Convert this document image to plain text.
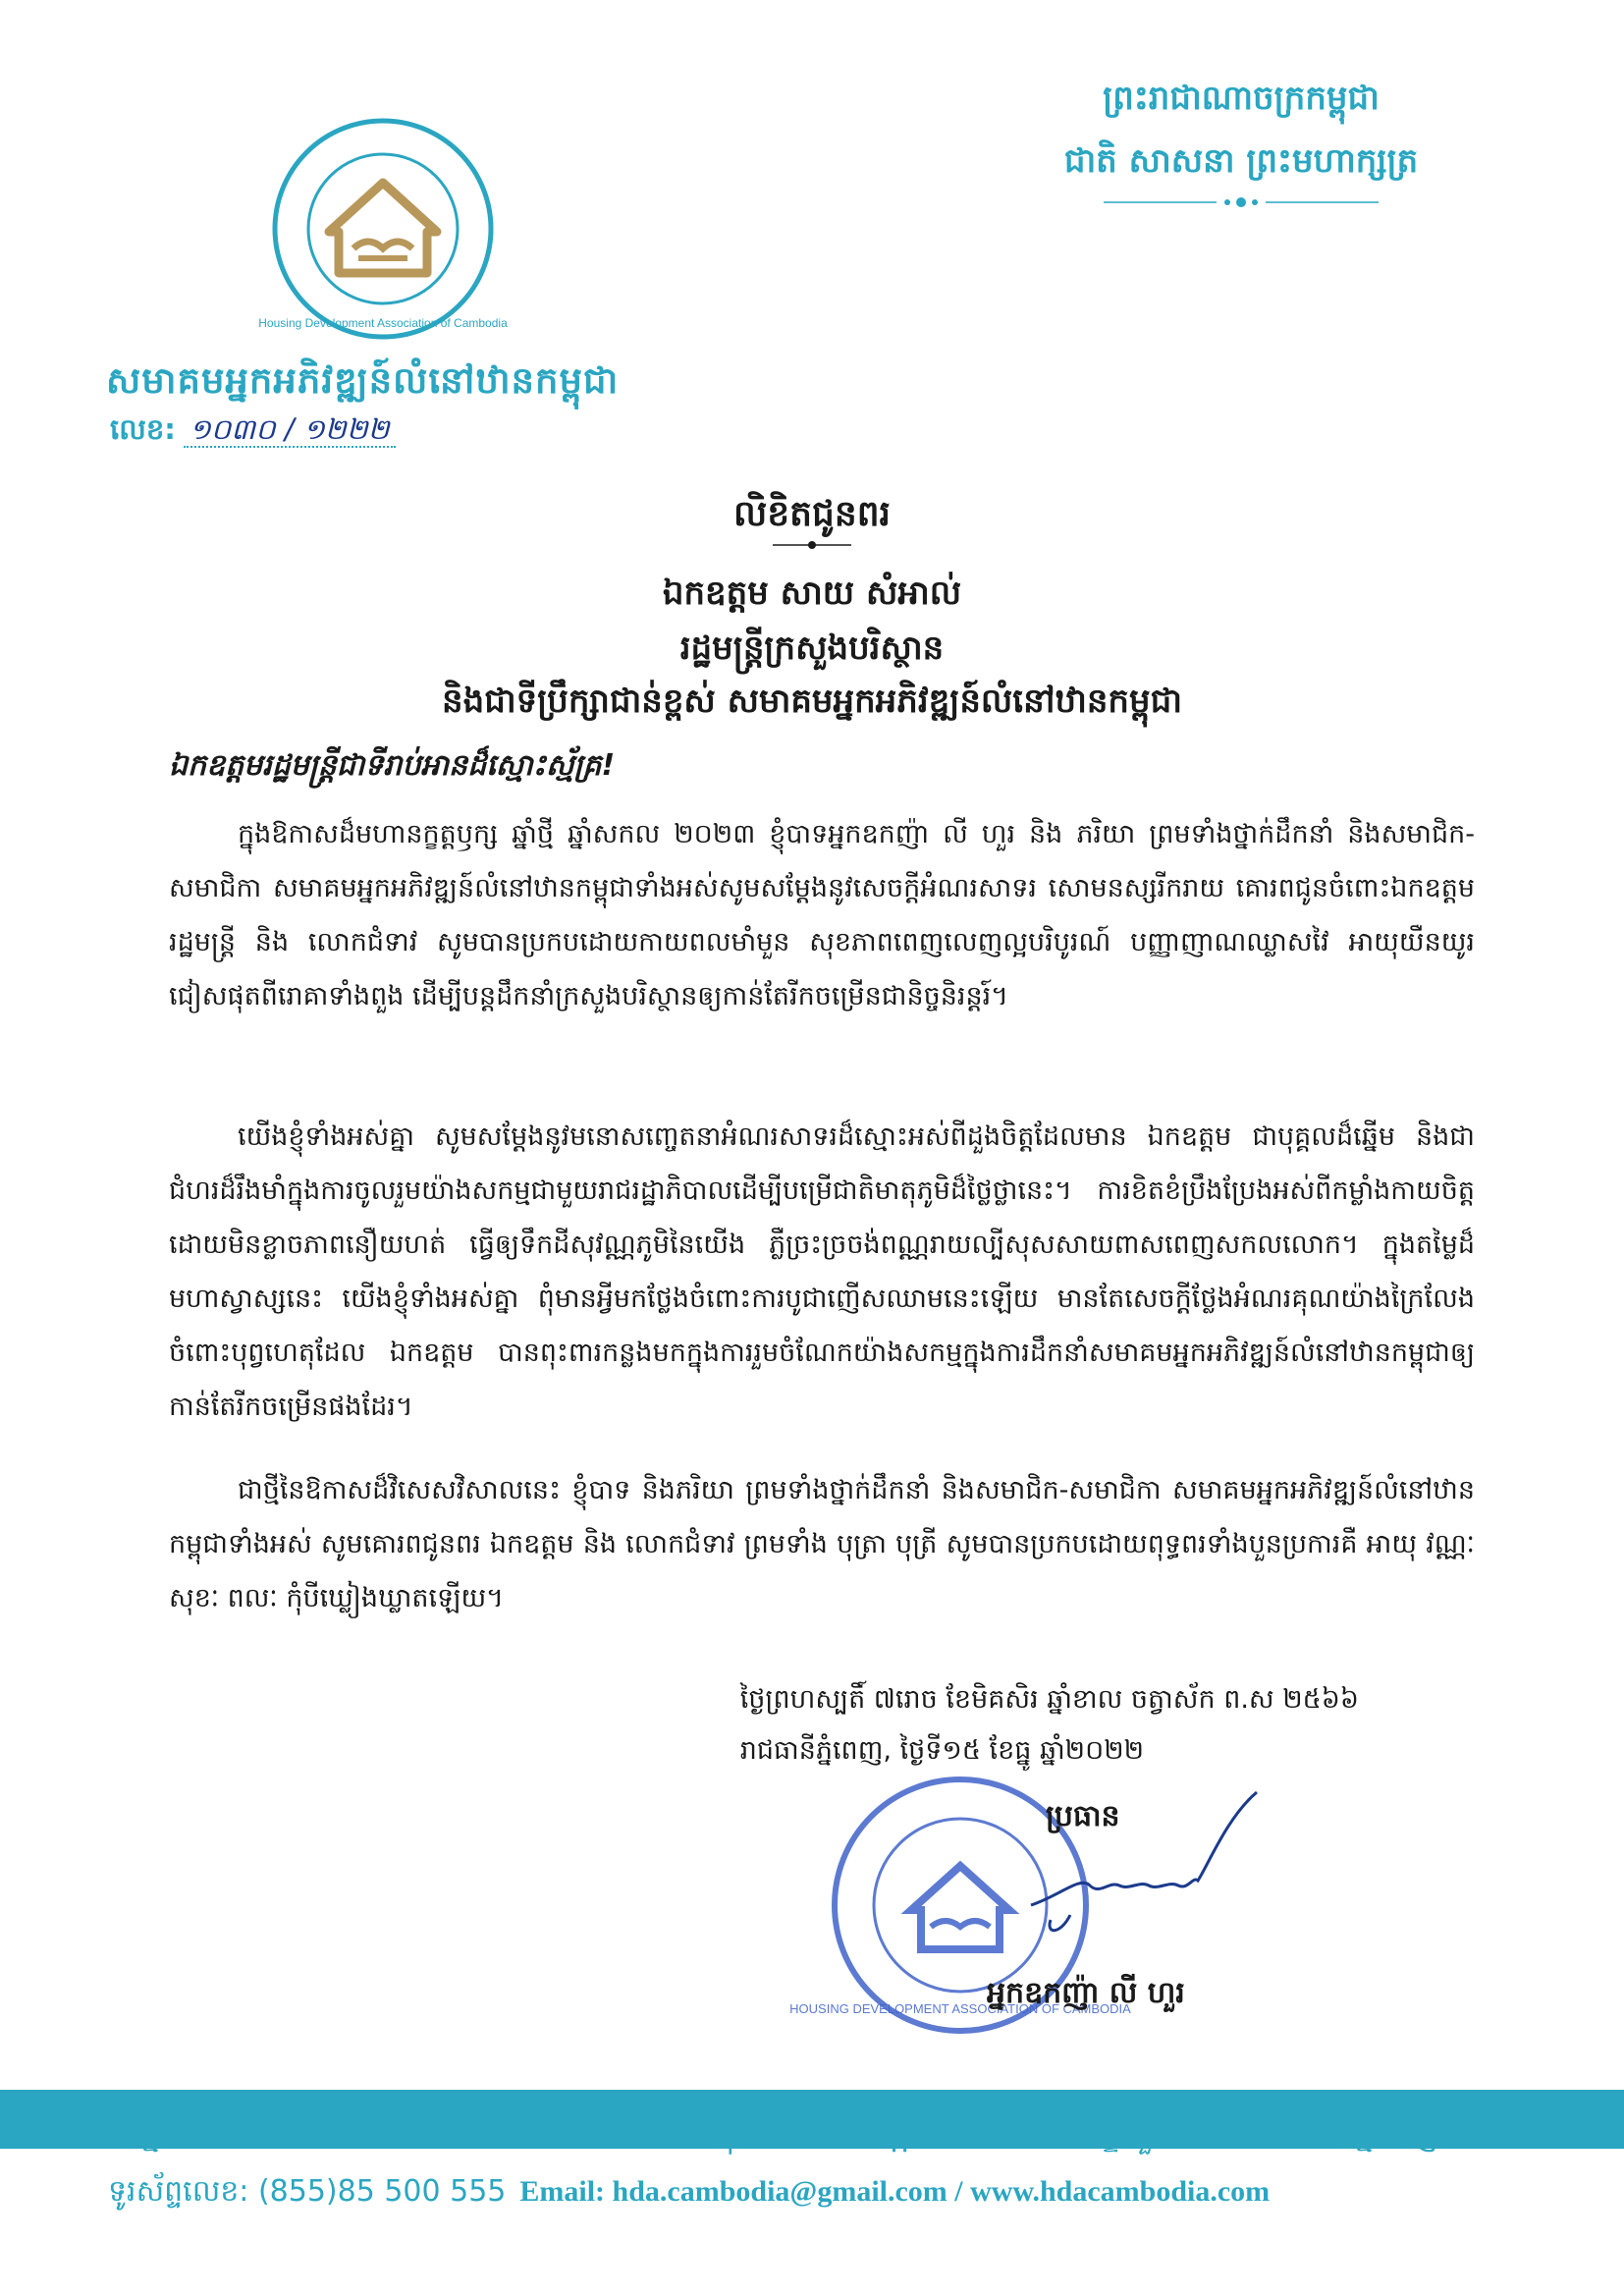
Housing Development Association of Cambodia
សមាគមអ្នកអភិវឌ្ឍន៍លំនៅឋានកម្ពុជា
លេខ: ១០៣០ / ១២២២
ព្រះរាជាណាចក្រកម្ពុជា
ជាតិ សាសនា ព្រះមហាក្សត្រ
លិខិតជូនពរ
ឯកឧត្តម សាយ សំអាល់
រដ្ឋមន្ត្រីក្រសួងបរិស្ថាន
និងជាទីប្រឹក្សាជាន់ខ្ពស់ សមាគមអ្នកអភិវឌ្ឍន៍លំនៅឋានកម្ពុជា
ឯកឧត្តមរដ្ឋមន្ត្រីជាទីរាប់អានដ៏ស្មោះស្ម័គ្រ!
ក្នុងឱកាសដ៏មហានក្ខត្តឫក្ស ឆ្នាំថ្មី ឆ្នាំសកល ២០២៣ ខ្ញុំបាទអ្នកឧកញ៉ា លី ហួរ និង ភរិយា ព្រមទាំងថ្នាក់ដឹកនាំ និងសមាជិក-សមាជិកា សមាគមអ្នកអភិវឌ្ឍន៍លំនៅឋានកម្ពុជាទាំងអស់សូមសម្តែងនូវសេចក្តីអំណរសាទរ សោមនស្សរីករាយ គោរពជូនចំពោះឯកឧត្តមរដ្ឋមន្ត្រី និង លោកជំទាវ សូមបានប្រកបដោយកាយពលមាំមួន សុខភាពពេញលេញល្អបរិបូរណ៍ បញ្ញាញាណឈ្លាសវៃ អាយុយឺនយូរ ជៀសផុតពីរោគាទាំងពួង ដើម្បីបន្តដឹកនាំក្រសួងបរិស្ថានឲ្យកាន់តែរីកចម្រើនជានិច្ចនិរន្តរ៍។
យើងខ្ញុំទាំងអស់គ្នា សូមសម្តែងនូវមនោសញ្ចេតនាអំណរសាទរដ៏ស្មោះអស់ពីដួងចិត្តដែលមាន ឯកឧត្តម ជាបុគ្គលដ៏ឆ្នើម និងជាជំហរដ៏រឹងមាំក្នុងការចូលរួមយ៉ាងសកម្មជាមួយរាជរដ្ឋាភិបាលដើម្បីបម្រើជាតិមាតុភូមិដ៏ថ្លៃថ្លានេះ។ ការខិតខំប្រឹងប្រែងអស់ពីកម្លាំងកាយចិត្ត ដោយមិនខ្លាចភាពនឿយហត់ ធ្វើឲ្យទឹកដីសុវណ្ណភូមិនៃយើង ភ្លឺច្រះច្រចង់ពណ្ណរាយល្បីសុសសាយពាសពេញសកលលោក។ ក្នុងតម្លៃដ៏មហាស្វាស្សនេះ យើងខ្ញុំទាំងអស់គ្នា ពុំមានអ្វីមកថ្លែងចំពោះការបូជាញើសឈាមនេះឡើយ មានតែសេចក្តីថ្លែងអំណរគុណយ៉ាងក្រៃលែងចំពោះបុព្វហេតុដែល ឯកឧត្តម បានពុះពារកន្លងមកក្នុងការរួមចំណែកយ៉ាងសកម្មក្នុងការដឹកនាំសមាគមអ្នកអភិវឌ្ឍន៍លំនៅឋានកម្ពុជាឲ្យកាន់តែរីកចម្រើនផងដែរ។
ជាថ្មីនៃឱកាសដ៏វិសេសវិសាលនេះ ខ្ញុំបាទ និងភរិយា ព្រមទាំងថ្នាក់ដឹកនាំ និងសមាជិក-សមាជិកា សមាគមអ្នកអភិវឌ្ឍន៍លំនៅឋានកម្ពុជាទាំងអស់ សូមគោរពជូនពរ ឯកឧត្តម និង លោកជំទាវ ព្រមទាំង បុត្រា បុត្រី សូមបានប្រកបដោយពុទ្ធពរទាំងបួនប្រការគឺ អាយុ វណ្ណៈ សុខៈ ពលៈ កុំបីឃ្លៀងឃ្លាតឡើយ។
ថ្ងៃព្រហស្បតិ៍ ៧រោច ខែមិគសិរ ឆ្នាំខាល ចត្វាស័ក ព.ស ២៥៦៦
រាជធានីភ្នំពេញ, ថ្ងៃទី១៥ ខែធ្នូ ឆ្នាំ២០២២
HOUSING DEVELOPMENT ASSOCIATION OF CAMBODIA
ប្រធាន
អ្នកឧកញ៉ា លី ហួរ
ទីស្នាក់ការ: អគារលេខ 85-88 មហាវិថី គីមអ៊ីលស៊ុល(289)សង្កាត់ បឹងកក់2 ខណ្ឌទួលគោក រាជធានីភ្នំពេញ
ទូរស័ព្ទលេខ: (855)85 500 555 Email: hda.cambodia@gmail.com / www.hdacambodia.com
